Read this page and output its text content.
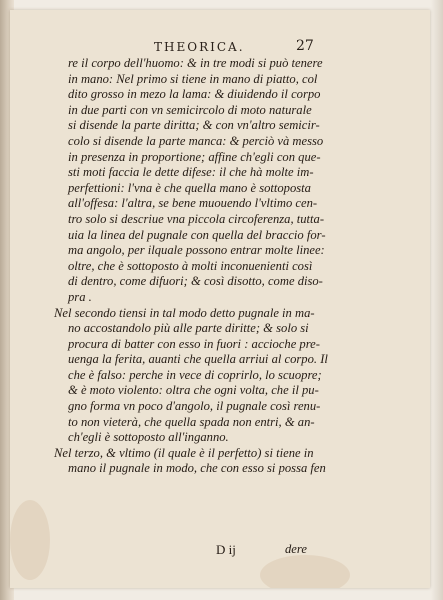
THEORICA.	27
re il corpo dell'huomo: & in tre modi si può tenere
in mano: Nel primo si tiene in mano di piatto, col
dito grosso in mezo la lama: & diuidendo il corpo
in due parti con vn semicircolo di moto naturale
si disende la parte diritta; & con vn'altro semicir-
colo si disende la parte manca: & perciò và messo
in presenza in proportione; affine ch'egli con que-
sti moti faccia le dette difese: il che hà molte im-
perfettioni: l'vna è che quella mano è sottoposta
all'offesa: l'altra, se bene muouendo l'vltimo cen-
tro solo si descriue vna piccola circoferenza, tutta-
uia la linea del pugnale con quella del braccio for-
ma angolo, per ilquale possono entrar molte linee:
oltre, che è sottoposto à molti inconuenienti così
di dentro, come difuori; & così disotto, come diso-
pra .
Nel secondo tiensi in tal modo detto pugnale in ma-
no accostandolo più alle parte diritte; & solo si
procura di batter con esso in fuori : acciochе pre-
uenga la ferita, auanti che quella arriui al corpo. Il
che è falso: perche in vece di coprirlo, lo scuopre;
& è moto violento: oltra che ogni volta, che il pu-
gno forma vn poco d'angolo, il pugnale così renu-
to non vieterà, che quella spada non entri, & an-
ch'egli è sottoposto all'inganno.
Nel terzo, & vltimo (il quale è il perfetto) si tiene in
mano il pugnale in modo, che con esso si possa fen
D ij	dere
